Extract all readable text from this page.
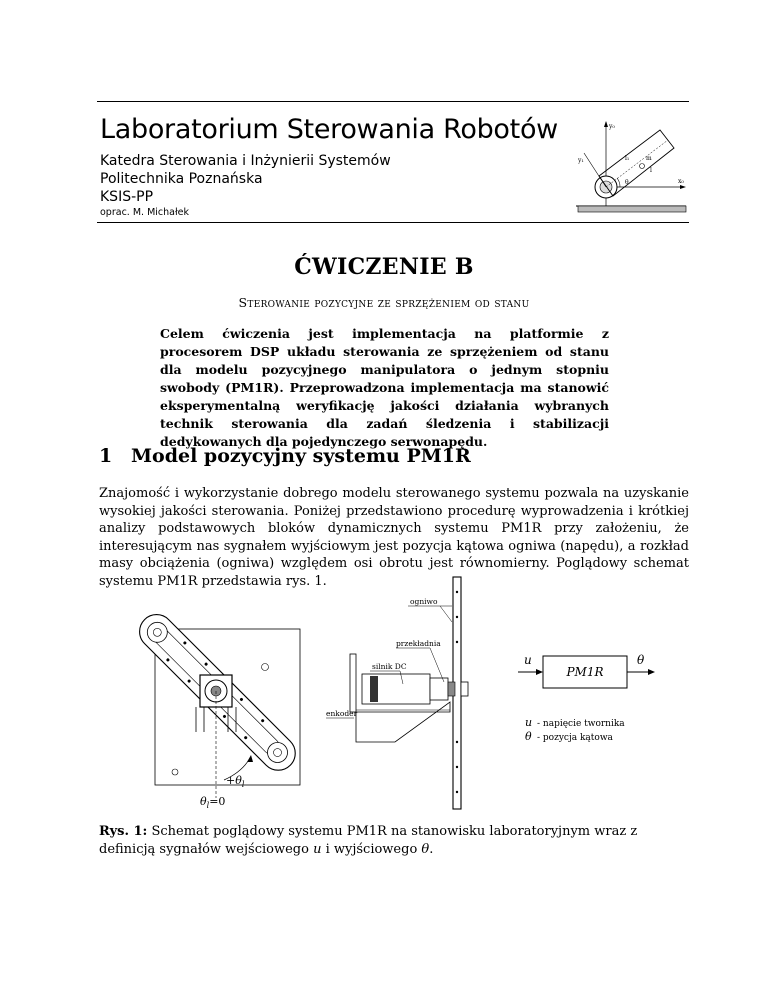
Laboratorium Sterowania Robotów
Katedra Sterowania i Inżynierii Systemów
Politechnika Poznańska
KSIS-PP
oprac. M. Michałek
y₀
x₀
y₁	l₁	m
l
θ
ĆWICZENIE B
Sterowanie pozycyjne ze sprzężeniem od stanu
Celem ćwiczenia jest implementacja na platformie z procesorem DSP układu sterowania ze sprzężeniem od stanu dla modelu pozycyjnego manipulatora o jednym stopniu swobody (PM1R). Przeprowadzona implementacja ma stanowić eksperymentalną weryfikację jakości działania wybranych technik sterowania dla zadań śledzenia i stabilizacji dedykowanych dla pojedynczego serwonapędu.
1 Model pozycyjny systemu PM1R
Znajomość i wykorzystanie dobrego modelu sterowanego systemu pozwala na uzyskanie wysokiej jakości sterowania. Poniżej przedstawiono procedurę wyprowadzenia i krótkiej analizy podstawowych bloków dynamicznych systemu PM1R przy założeniu, że interesującym nas sygnałem wyjściowym jest pozycja kątowa ogniwa (napędu), a rozkład masy obciążenia (ogniwa) względem osi obrotu jest równomierny. Poglądowy schemat systemu PM1R przedstawia rys. 1.
$+\theta_l$
$\theta_l=0$
ogniwo
przekładnia
silnik DC
enkoder
PM1R
u	θ
u - napięcie twornika
θ - pozycja kątowa
Rys. 1: Schemat poglądowy systemu PM1R na stanowisku laboratoryjnym wraz z definicją sygnałów wejściowego u i wyjściowego θ.
